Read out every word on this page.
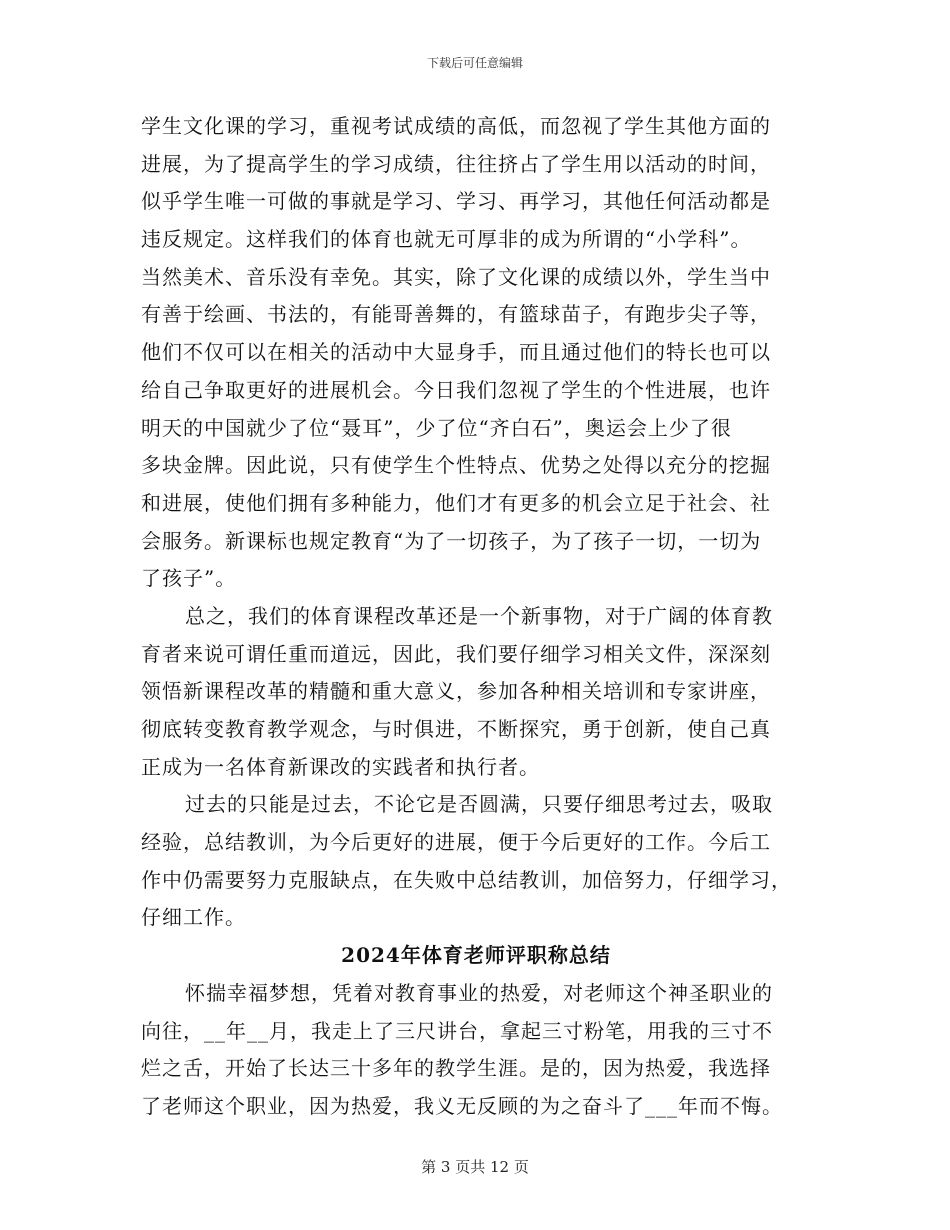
下载后可任意编辑
学生文化课的学习，重视考试成绩的高低，而忽视了学生其他方面的
进展，为了提高学生的学习成绩，往往挤占了学生用以活动的时间，
似乎学生唯一可做的事就是学习、学习、再学习，其他任何活动都是
违反规定。这样我们的体育也就无可厚非的成为所谓的“小学科”。
当然美术、音乐没有幸免。其实，除了文化课的成绩以外，学生当中
有善于绘画、书法的，有能哥善舞的，有篮球苗子，有跑步尖子等，
他们不仅可以在相关的活动中大显身手，而且通过他们的特长也可以
给自己争取更好的进展机会。今日我们忽视了学生的个性进展，也许
明天的中国就少了位“聂耳”，少了位“齐白石”，奥运会上少了很
多块金牌。因此说，只有使学生个性特点、优势之处得以充分的挖掘
和进展，使他们拥有多种能力，他们才有更多的机会立足于社会、社
会服务。新课标也规定教育“为了一切孩子，为了孩子一切，一切为
了孩子”。
总之，我们的体育课程改革还是一个新事物，对于广阔的体育教
育者来说可谓任重而道远，因此，我们要仔细学习相关文件，深深刻
领悟新课程改革的精髓和重大意义，参加各种相关培训和专家讲座，
彻底转变教育教学观念，与时俱进，不断探究，勇于创新，使自己真
正成为一名体育新课改的实践者和执行者。
过去的只能是过去，不论它是否圆满，只要仔细思考过去，吸取
经验，总结教训，为今后更好的进展，便于今后更好的工作。今后工
作中仍需要努力克服缺点，在失败中总结教训，加倍努力，仔细学习，
仔细工作。
2024年体育老师评职称总结
怀揣幸福梦想，凭着对教育事业的热爱，对老师这个神圣职业的
向往，__年__月，我走上了三尺讲台，拿起三寸粉笔，用我的三寸不
烂之舌，开始了长达三十多年的教学生涯。是的，因为热爱，我选择
了老师这个职业，因为热爱，我义无反顾的为之奋斗了___年而不悔。
第 3 页共 12 页
